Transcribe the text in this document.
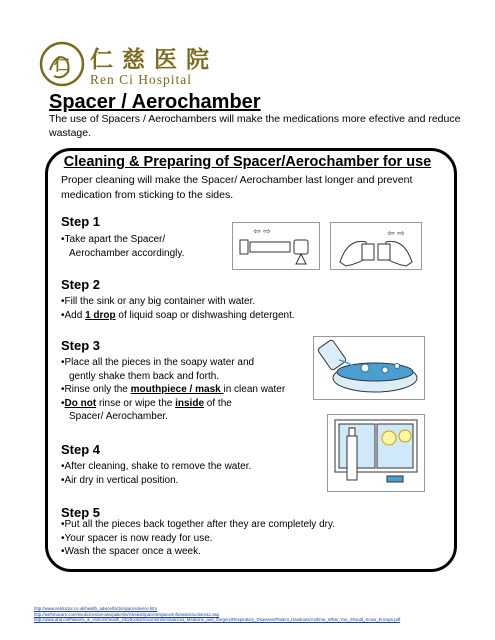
仁 仁慈医院
Ren Ci Hospital
Spacer / Aerochamber
The use of Spacers / Aerochambers will make the medications more efective and reduce wastage.
Cleaning & Preparing of Spacer/Aerochamber for use
Proper cleaning will make the Spacer/ Aerochamber last longer and prevent medication from sticking to the sides.
Step 1
•Take apart the Spacer/
Aerochamber accordingly.
⇦ ⇨	⇦ ⇨
Step 2
•Fill the sink or any big container with water.
•Add 1 drop of liquid soap or dishwashing detergent.
Step 3
•Place all the pieces in the soapy water and
gently shake them back and forth.
•Rinse only the mouthpiece / mask in clean water
•Do not rinse or wipe the inside of the
Spacer/ Aerochamber.
Step 4
•After cleaning, shake to remove the water.
•Air dry in vertical position.
Step 5
•Put all the pieces back together after they are completely dry.
•Your spacer is now ready for use.
•Wash the spacer once a week.
http://www.netdoctor.co.uk/health_advice/facts/spacerdevice.htm
http://asthmacare.com/medicines/arrows/patients/inhaledSpacers/spacerinfo/asinstructions11.asp
http://www.ahd.ca/Patients_&_Visitors/health_info/books/Documents/Advanced_Medicine_and_Surgery/Respiratory_Diseases/Patient_Handouts/Asthma_What_You_Should_Know_Encaps.pdf
